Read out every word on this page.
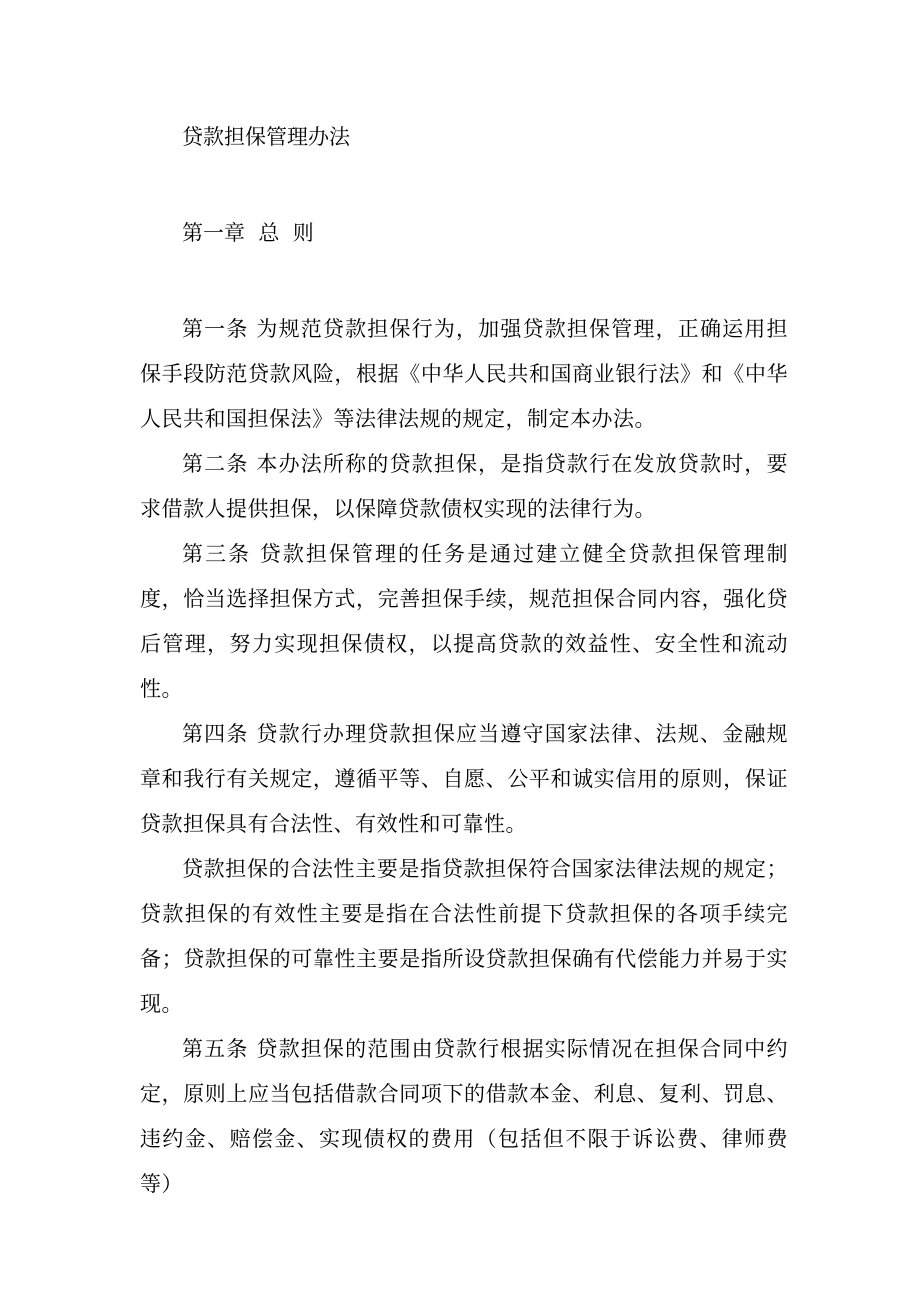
贷款担保管理办法
第一章  总  则

第一条 为规范贷款担保行为，加强贷款担保管理，正确运用担保手段防范贷款风险，根据《中华人民共和国商业银行法》和《中华人民共和国担保法》等法律法规的规定，制定本办法。

第二条 本办法所称的贷款担保，是指贷款行在发放贷款时，要求借款人提供担保，以保障贷款债权实现的法律行为。

第三条 贷款担保管理的任务是通过建立健全贷款担保管理制度，恰当选择担保方式，完善担保手续，规范担保合同内容，强化贷后管理，努力实现担保债权，以提高贷款的效益性、安全性和流动性。

第四条 贷款行办理贷款担保应当遵守国家法律、法规、金融规章和我行有关规定，遵循平等、自愿、公平和诚实信用的原则，保证贷款担保具有合法性、有效性和可靠性。

贷款担保的合法性主要是指贷款担保符合国家法律法规的规定；贷款担保的有效性主要是指在合法性前提下贷款担保的各项手续完备；贷款担保的可靠性主要是指所设贷款担保确有代偿能力并易于实现。

第五条 贷款担保的范围由贷款行根据实际情况在担保合同中约定，原则上应当包括借款合同项下的借款本金、利息、复利、罚息、违约金、赔偿金、实现债权的费用（包括但不限于诉讼费、律师费等）
